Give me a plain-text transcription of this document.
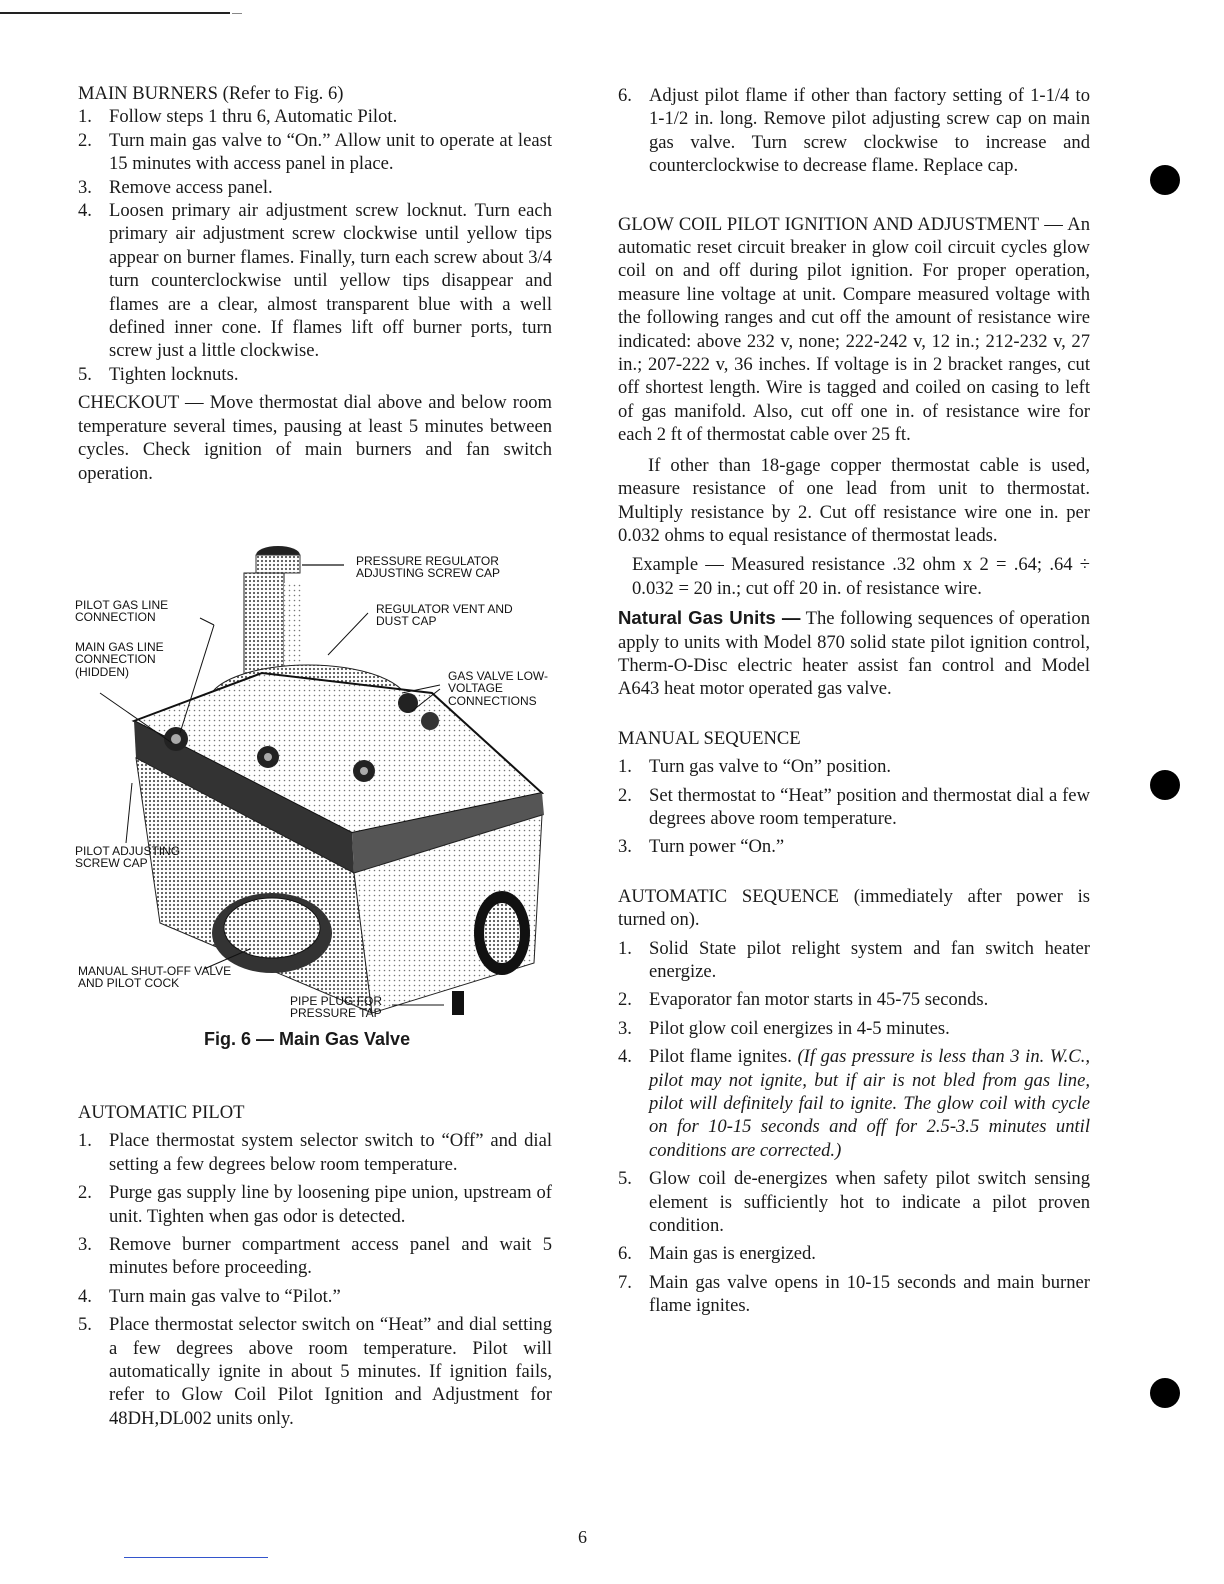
MAIN BURNERS (Refer to Fig. 6)
1. Follow steps 1 thru 6, Automatic Pilot.
2. Turn main gas valve to “On.” Allow unit to operate at least 15 minutes with access panel in place.
3. Remove access panel.
4. Loosen primary air adjustment screw locknut. Turn each primary air adjustment screw clockwise until yellow tips appear on burner flames. Finally, turn each screw about 3/4 turn counterclockwise until yellow tips disappear and flames are a clear, almost transparent blue with a well defined inner cone. If flames lift off burner ports, turn screw just a little clockwise.
5. Tighten locknuts.

CHECKOUT — Move thermostat dial above and below room temperature several times, pausing at least 5 minutes between cycles. Check ignition of main burners and fan switch operation.

PRESSURE REGULATOR ADJUSTING SCREW CAP
PILOT GAS LINE CONNECTION
REGULATOR VENT AND DUST CAP
MAIN GAS LINE CONNECTION (HIDDEN)	GAS VALVE LOW-VOLTAGE CONNECTIONS
PILOT ADJUSTING SCREW CAP
MANUAL SHUT-OFF VALVE AND PILOT COCK
PIPE PLUG FOR PRESSURE TAP
Fig. 6 — Main Gas Valve
AUTOMATIC PILOT
1. Place thermostat system selector switch to “Off” and dial setting a few degrees below room temperature.
2. Purge gas supply line by loosening pipe union, upstream of unit. Tighten when gas odor is detected.
3. Remove burner compartment access panel and wait 5 minutes before proceeding.
4. Turn main gas valve to “Pilot.”
5. Place thermostat selector switch on “Heat” and dial setting a few degrees above room temperature. Pilot will automatically ignite in about 5 minutes. If ignition fails, refer to Glow Coil Pilot Ignition and Adjustment for 48DH,DL002 units only.
6. Adjust pilot flame if other than factory setting of 1-1/4 to 1-1/2 in. long. Remove pilot adjusting screw cap on main gas valve. Turn screw clockwise to increase and counterclockwise to decrease flame. Replace cap.

GLOW COIL PILOT IGNITION AND ADJUSTMENT — An automatic reset circuit breaker in glow coil circuit cycles glow coil on and off during pilot ignition. For proper operation, measure line voltage at unit. Compare measured voltage with the following ranges and cut off the amount of resistance wire indicated: above 232 v, none; 222-242 v, 12 in.; 212-232 v, 27 in.; 207-222 v, 36 inches. If voltage is in 2 bracket ranges, cut off shortest length. Wire is tagged and coiled on casing to left of gas manifold. Also, cut off one in. of resistance wire for each 2 ft of thermostat cable over 25 ft.

If other than 18-gage copper thermostat cable is used, measure resistance of one lead from unit to thermostat. Multiply resistance by 2. Cut off resistance wire one in. per 0.032 ohms to equal resistance of thermostat leads.

Example — Measured resistance .32 ohm x 2 = .64; .64 ÷ 0.032 = 20 in.; cut off 20 in. of resistance wire.

Natural Gas Units — The following sequences of operation apply to units with Model 870 solid state pilot ignition control, Therm-O-Disc electric heater assist fan control and Model A643 heat motor operated gas valve.

MANUAL SEQUENCE
1. Turn gas valve to “On” position.
2. Set thermostat to “Heat” position and thermostat dial a few degrees above room temperature.
3. Turn power “On.”

AUTOMATIC SEQUENCE (immediately after power is turned on).

1. Solid State pilot relight system and fan switch heater energize.
2. Evaporator fan motor starts in 45-75 seconds.
3. Pilot glow coil energizes in 4-5 minutes.
4. Pilot flame ignites. (If gas pressure is less than 3 in. W.C., pilot may not ignite, but if air is not bled from gas line, pilot will definitely fail to ignite. The glow coil with cycle on for 10-15 seconds and off for 2.5-3.5 minutes until conditions are corrected.)
5. Glow coil de-energizes when safety pilot switch sensing element is sufficiently hot to indicate a pilot proven condition.
6. Main gas is energized.
7. Main gas valve opens in 10-15 seconds and main burner flame ignites.
6
